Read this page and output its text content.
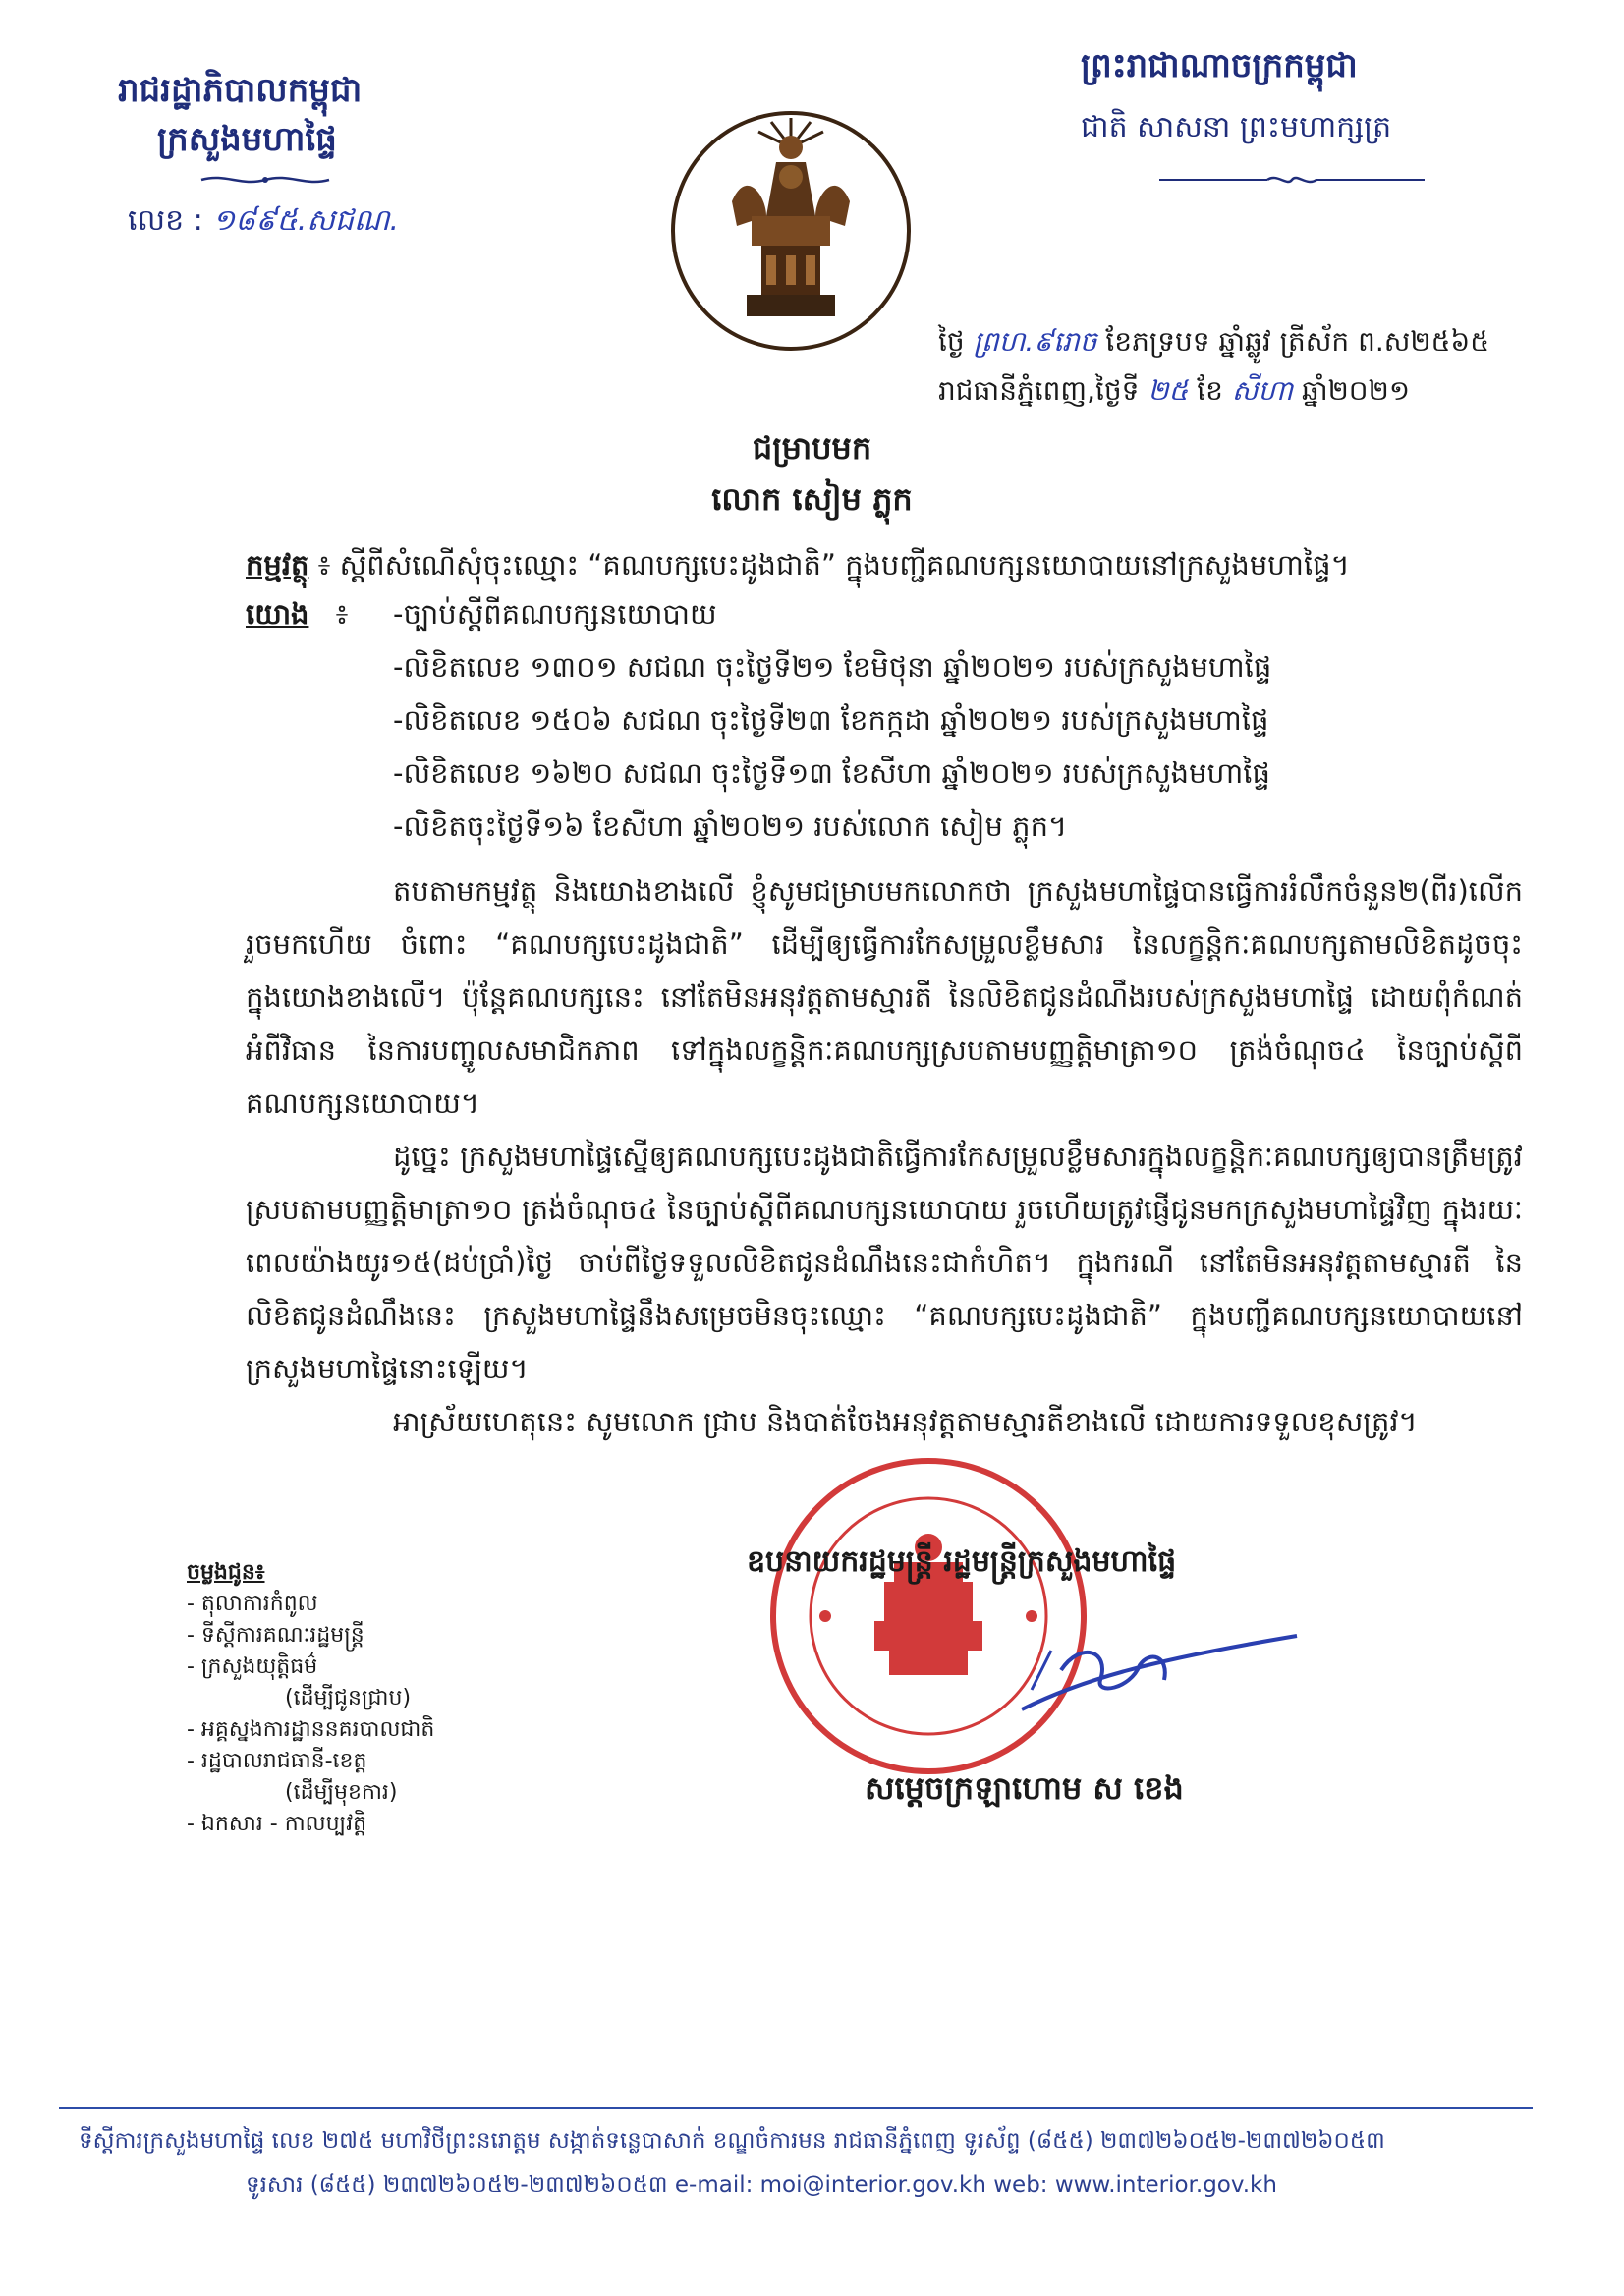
រាជរដ្ឋាភិបាលកម្ពុជា
ក្រសួងមហាផ្ទៃ
លេខ : ១៨៩៥.សជណ.
ព្រះរាជាណាចក្រកម្ពុជា
ជាតិ សាសនា ព្រះមហាក្សត្រ
ថ្ងៃ ព្រហ.៩រោច ខែភទ្របទ ឆ្នាំឆ្លូវ ត្រីស័ក ព.ស២៥៦៥
រាជធានីភ្នំពេញ,ថ្ងៃទី ២៥ ខែ សីហា ឆ្នាំ២០២១
ជម្រាបមក
លោក សៀម ភ្លុក
កម្មវត្ថុ ៖ ស្តីពីសំណើសុំចុះឈ្មោះ “គណបក្សបេះដូងជាតិ” ក្នុងបញ្ជីគណបក្សនយោបាយនៅក្រសួងមហាផ្ទៃ។
យោង ៖ -ច្បាប់ស្តីពីគណបក្សនយោបាយ
-លិខិតលេខ ១៣០១ សជណ ចុះថ្ងៃទី២១ ខែមិថុនា ឆ្នាំ២០២១ របស់ក្រសួងមហាផ្ទៃ
-លិខិតលេខ ១៥០៦ សជណ ចុះថ្ងៃទី២៣ ខែកក្កដា ឆ្នាំ២០២១ របស់ក្រសួងមហាផ្ទៃ
-លិខិតលេខ ១៦២០ សជណ ចុះថ្ងៃទី១៣ ខែសីហា ឆ្នាំ២០២១ របស់ក្រសួងមហាផ្ទៃ
-លិខិតចុះថ្ងៃទី១៦ ខែសីហា ឆ្នាំ២០២១ របស់លោក សៀម ភ្លុក។
តបតាមកម្មវត្ថុ និងយោងខាងលើ ខ្ញុំសូមជម្រាបមកលោកថា ក្រសួងមហាផ្ទៃបានធ្វើការរំលឹកចំនួន២(ពីរ)លើករួចមកហើយ ចំពោះ “គណបក្សបេះដូងជាតិ” ដើម្បីឲ្យធ្វើការកែសម្រួលខ្លឹមសារ នៃលក្ខន្តិកៈគណបក្សតាមលិខិតដូចចុះក្នុងយោងខាងលើ។ ប៉ុន្តែគណបក្សនេះ នៅតែមិនអនុវត្តតាមស្មារតី នៃលិខិតជូនដំណឹងរបស់ក្រសួងមហាផ្ទៃ ដោយពុំកំណត់អំពីវិធាន នៃការបញ្ចូលសមាជិកភាព ទៅក្នុងលក្ខន្តិកៈគណបក្សស្របតាមបញ្ញត្តិមាត្រា១០ ត្រង់ចំណុច៤ នៃច្បាប់ស្តីពីគណបក្សនយោបាយ។
ដូច្នេះ ក្រសួងមហាផ្ទៃស្នើឲ្យគណបក្សបេះដូងជាតិធ្វើការកែសម្រួលខ្លឹមសារក្នុងលក្ខន្តិកៈគណបក្សឲ្យបានត្រឹមត្រូវស្របតាមបញ្ញត្តិមាត្រា១០ ត្រង់ចំណុច៤ នៃច្បាប់ស្តីពីគណបក្សនយោបាយ រួចហើយត្រូវផ្ញើជូនមកក្រសួងមហាផ្ទៃវិញ ក្នុងរយៈពេលយ៉ាងយូរ១៥(ដប់ប្រាំ)ថ្ងៃ ចាប់ពីថ្ងៃទទួលលិខិតជូនដំណឹងនេះជាកំហិត។ ក្នុងករណី នៅតែមិនអនុវត្តតាមស្មារតី នៃលិខិតជូនដំណឹងនេះ ក្រសួងមហាផ្ទៃនឹងសម្រេចមិនចុះឈ្មោះ “គណបក្សបេះដូងជាតិ” ក្នុងបញ្ជីគណបក្សនយោបាយនៅក្រសួងមហាផ្ទៃនោះឡើយ។
អាស្រ័យហេតុនេះ សូមលោក ជ្រាប និងបាត់ចែងអនុវត្តតាមស្មារតីខាងលើ ដោយការទទួលខុសត្រូវ។
ឧបនាយករដ្ឋមន្ត្រី រដ្ឋមន្ត្រីក្រសួងមហាផ្ទៃ
សម្តេចក្រឡាហោម ស ខេង
ចម្លងជូន៖
- តុលាការកំពូល
- ទីស្តីការគណៈរដ្ឋមន្ត្រី
- ក្រសួងយុត្តិធម៌
(ដើម្បីជូនជ្រាប)
- អគ្គស្នងការដ្ឋាននគរបាលជាតិ
- រដ្ឋបាលរាជធានី-ខេត្ត
(ដើម្បីមុខការ)
- ឯកសារ - កាលប្បវត្តិ
ទីស្តីការក្រសួងមហាផ្ទៃ លេខ ២៧៥ មហាវិថីព្រះនរោត្តម សង្កាត់ទន្លេបាសាក់ ខណ្ឌចំការមន រាជធានីភ្នំពេញ ទូរស័ព្ទ (៨៥៥) ២៣៧២៦០៥២-២៣៧២៦០៥៣
ទូរសារ (៨៥៥) ២៣៧២៦០៥២-២៣៧២៦០៥៣ e-mail: moi@interior.gov.kh web: www.interior.gov.kh
